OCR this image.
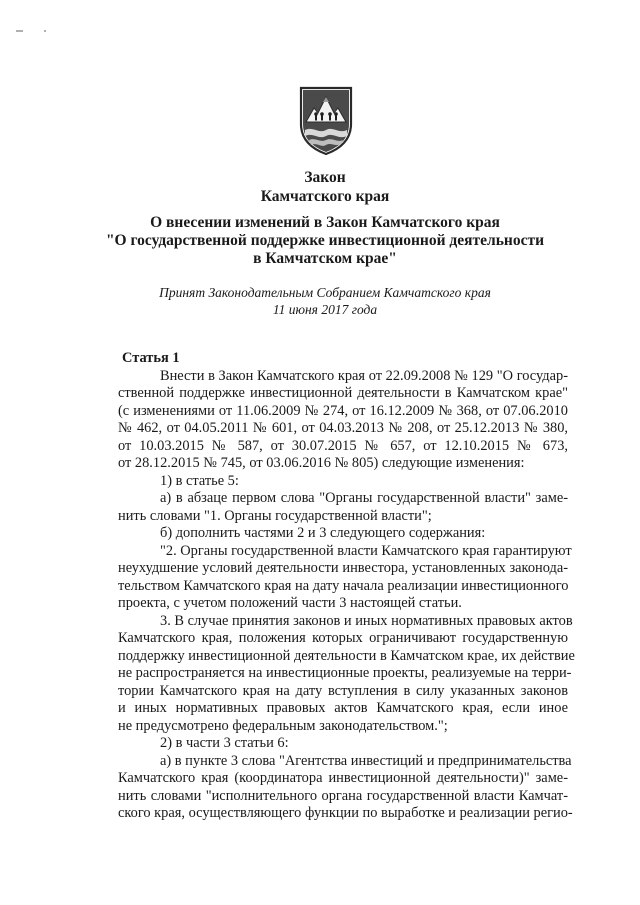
Закон
Камчатского края
О внесении изменений в Закон Камчатского края
"О государственной поддержке инвестиционной деятельности
в Камчатском крае"
Принят Законодательным Собранием Камчатского края
11 июня 2017 года

Статья 1

Внести в Закон Камчатского края от 22.09.2008 № 129 "О государ-
ственной поддержке инвестиционной деятельности в Камчатском крае"
(с изменениями от 11.06.2009 № 274, от 16.12.2009 № 368, от 07.06.2010
№ 462, от 04.05.2011 № 601, от 04.03.2013 № 208, от 25.12.2013 № 380,
от 10.03.2015 № 587, от 30.07.2015 № 657, от 12.10.2015 № 673,
от 28.12.2015 № 745, от 03.06.2016 № 805) следующие изменения:
1) в статье 5:
а) в абзаце первом слова "Органы государственной власти" заме-
нить словами "1. Органы государственной власти";
б) дополнить частями 2 и 3 следующего содержания:
"2. Органы государственной власти Камчатского края гарантируют
неухудшение условий деятельности инвестора, установленных законода-
тельством Камчатского края на дату начала реализации инвестиционного
проекта, с учетом положений части 3 настоящей статьи.
3. В случае принятия законов и иных нормативных правовых актов
Камчатского края, положения которых ограничивают государственную
поддержку инвестиционной деятельности в Камчатском крае, их действие
не распространяется на инвестиционные проекты, реализуемые на терри-
тории Камчатского края на дату вступления в силу указанных законов
и иных нормативных правовых актов Камчатского края, если иное
не предусмотрено федеральным законодательством.";
2) в части 3 статьи 6:
а) в пункте 3 слова "Агентства инвестиций и предпринимательства
Камчатского края (координатора инвестиционной деятельности)" заме-
нить словами "исполнительного органа государственной власти Камчат-
ского края, осуществляющего функции по выработке и реализации регио-
